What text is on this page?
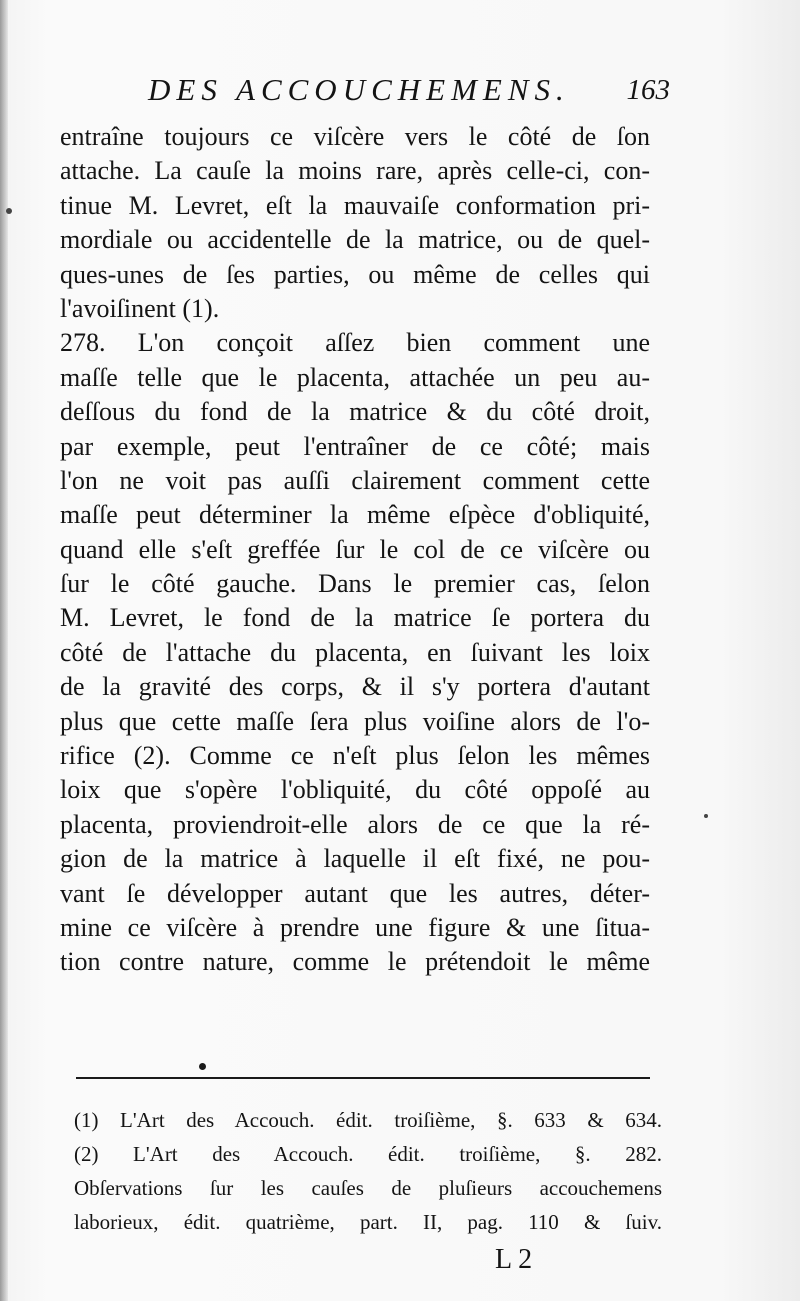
DES ACCOUCHEMENS. 163
entraîne toujours ce viſcère vers le côté de ſon
attache. La cauſe la moins rare, après celle-ci, con-
tinue M. Levret, eſt la mauvaiſe conformation pri-
mordiale ou accidentelle de la matrice, ou de quel-
ques-unes de ſes parties, ou même de celles qui
l'avoiſinent (1).
278. L'on conçoit aſſez bien comment une
maſſe telle que le placenta, attachée un peu au-
deſſous du fond de la matrice & du côté droit,
par exemple, peut l'entraîner de ce côté; mais
l'on ne voit pas auſſi clairement comment cette
maſſe peut déterminer la même eſpèce d'obliquité,
quand elle s'eſt greffée ſur le col de ce viſcère ou
ſur le côté gauche. Dans le premier cas, ſelon
M. Levret, le fond de la matrice ſe portera du
côté de l'attache du placenta, en ſuivant les loix
de la gravité des corps, & il s'y portera d'autant
plus que cette maſſe ſera plus voiſine alors de l'o-
rifice (2). Comme ce n'eſt plus ſelon les mêmes
loix que s'opère l'obliquité, du côté oppoſé au
placenta, proviendroit-elle alors de ce que la ré-
gion de la matrice à laquelle il eſt fixé, ne pou-
vant ſe développer autant que les autres, déter-
mine ce viſcère à prendre une figure & une ſitua-
tion contre nature, comme le prétendoit le même
(1) L'Art des Accouch. édit. troiſième, §. 633 & 634.
(2) L'Art des Accouch. édit. troiſième, §. 282.
Obſervations ſur les cauſes de pluſieurs accouchemens
laborieux, édit. quatrième, part. II, pag. 110 & ſuiv.
L 2
